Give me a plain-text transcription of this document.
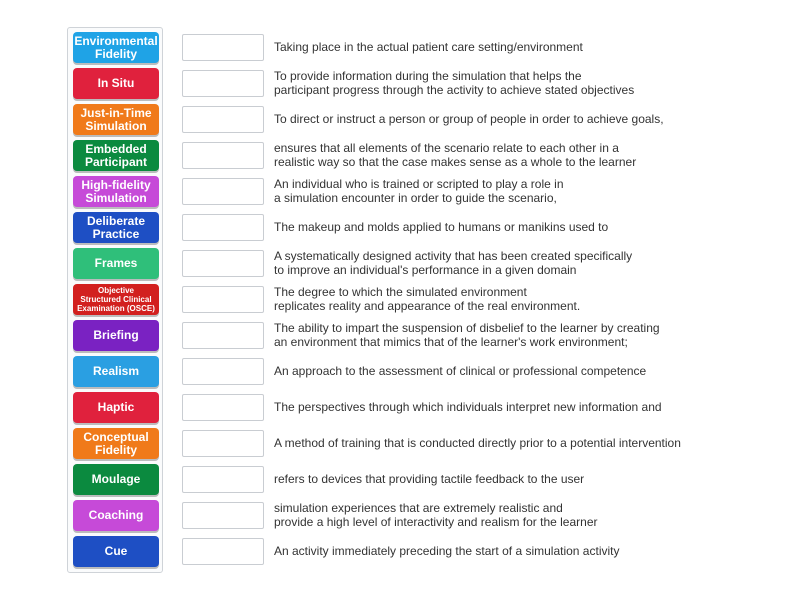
Environmental
Fidelity
In Situ
Just-in-Time
Simulation
Embedded
Participant
High-fidelity
Simulation
Deliberate
Practice
Frames
Objective
Structured Clinical
Examination (OSCE)
Briefing
Realism
Haptic
Conceptual
Fidelity
Moulage
Coaching
Cue
Taking place in the actual patient care setting/environment
To provide information during the simulation that helps the
participant progress through the activity to achieve stated objectives
To direct or instruct a person or group of people in order to achieve goals,
ensures that all elements of the scenario relate to each other in a
realistic way so that the case makes sense as a whole to the learner
An individual who is trained or scripted to play a role in
a simulation encounter in order to guide the scenario,
The makeup and molds applied to humans or manikins used to
A systematically designed activity that has been created specifically
to improve an individual's performance in a given domain
The degree to which the simulated environment
replicates reality and appearance of the real environment.
The ability to impart the suspension of disbelief to the learner by creating
an environment that mimics that of the learner's work environment;
An approach to the assessment of clinical or professional competence
The perspectives through which individuals interpret new information and
A method of training that is conducted directly prior to a potential intervention
refers to devices that providing tactile feedback to the user
simulation experiences that are extremely realistic and
provide a high level of interactivity and realism for the learner
An activity immediately preceding the start of a simulation activity
